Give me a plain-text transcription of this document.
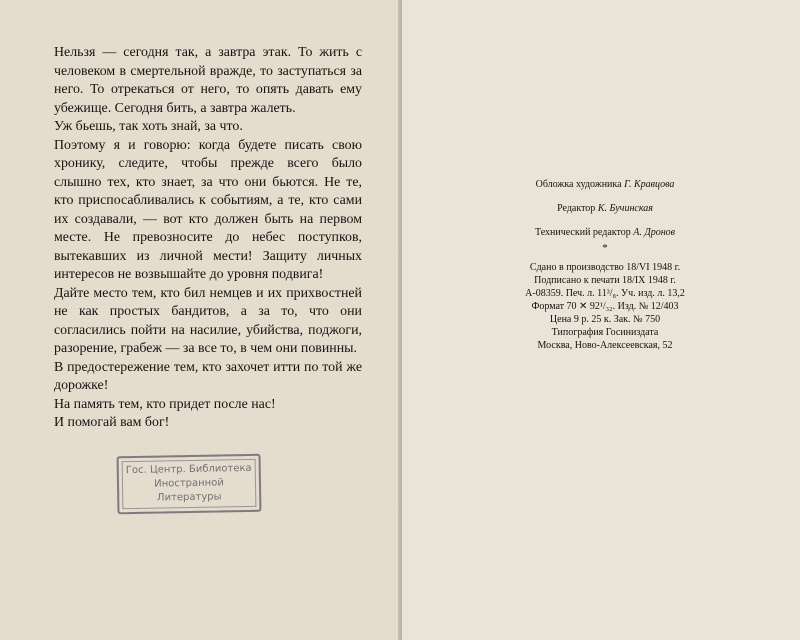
Нельзя — сегодня так, а завтра этак. То жить с человеком в смертельной вражде, то заступаться за него. То отрекаться от него, то опять давать ему убежище. Сегодня бить, а завтра жалеть.

Уж бьешь, так хоть знай, за что.

Поэтому я и говорю: когда будете писать свою хронику, следите, чтобы прежде всего было слышно тех, кто знает, за что они бьются. Не те, кто приспосабливались к событиям, а те, кто сами их создавали, — вот кто должен быть на первом месте. Не превозносите до небес поступков, вытекавших из личной мести! Защиту личных интересов не возвышайте до уровня подвига!

Дайте место тем, кто бил немцев и их прихвостней не как простых бандитов, а за то, что они согласились пойти на насилие, убийства, поджоги, разорение, грабеж — за все то, в чем они повинны.

В предостережение тем, кто захочет итти по той же дорожке!

На память тем, кто придет после нас!

И помогай вам бог!

Гос. Центр. Библиотека
Иностранной
Литературы
Обложка художника Г. Кравцова
Редактор К. Бучинская
Технический редактор А. Дронов
*
Сдано в производство 18/VI 1948 г.
Подписано к печати 18/IX 1948 г.
А-08359. Печ. л. 11³/₈. Уч. изд. л. 13,2
Формат 70 ✕ 92¹/₃₂. Изд. № 12/403
Цена 9 р. 25 к. Зак. № 750
Типография Госиниздата
Москва, Ново-Алексеевская, 52
